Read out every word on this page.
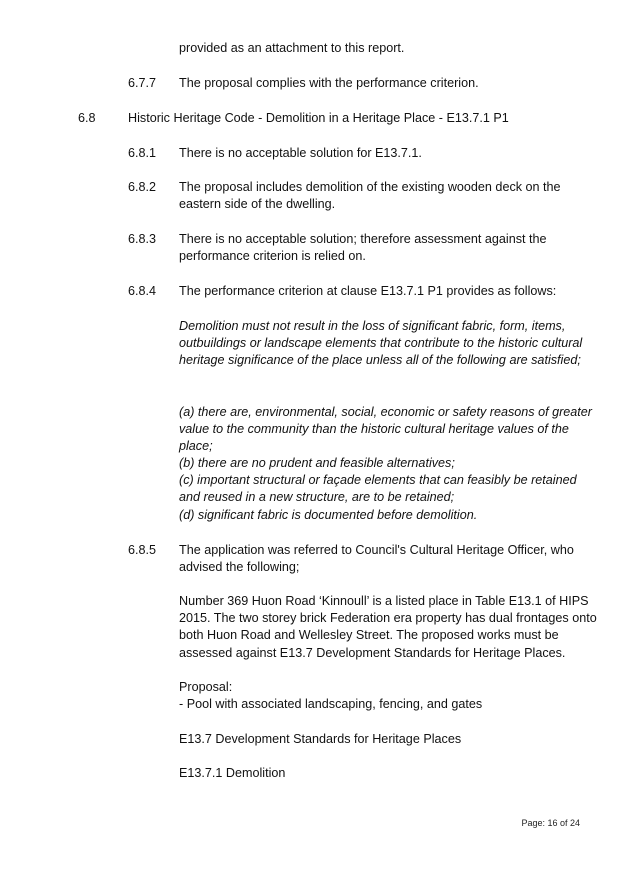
provided as an attachment to this report.

6.7.7 The proposal complies with the performance criterion.

6.8	Historic Heritage Code - Demolition in a Heritage Place - E13.7.1 P1

6.8.1 There is no acceptable solution for E13.7.1.

6.8.2 The proposal includes demolition of the existing wooden deck on the eastern side of the dwelling.

6.8.3 There is no acceptable solution; therefore assessment against the performance criterion is relied on.

6.8.4 The performance criterion at clause E13.7.1 P1 provides as follows:

Demolition must not result in the loss of significant fabric, form, items, outbuildings or landscape elements that contribute to the historic cultural heritage significance of the place unless all of the following are satisfied;

(a) there are, environmental, social, economic or safety reasons of greater value to the community than the historic cultural heritage values of the place;

(b) there are no prudent and feasible alternatives;

(c) important structural or façade elements that can feasibly be retained and reused in a new structure, are to be retained;

(d) significant fabric is documented before demolition.

6.8.5 The application was referred to Council's Cultural Heritage Officer, who advised the following;

Number 369 Huon Road ‘Kinnoull’ is a listed place in Table E13.1 of HIPS 2015. The two storey brick Federation era property has dual frontages onto both Huon Road and Wellesley Street. The proposed works must be assessed against E13.7 Development Standards for Heritage Places.

Proposal:

- Pool with associated landscaping, fencing, and gates

E13.7 Development Standards for Heritage Places

E13.7.1 Demolition

Page: 16 of 24
